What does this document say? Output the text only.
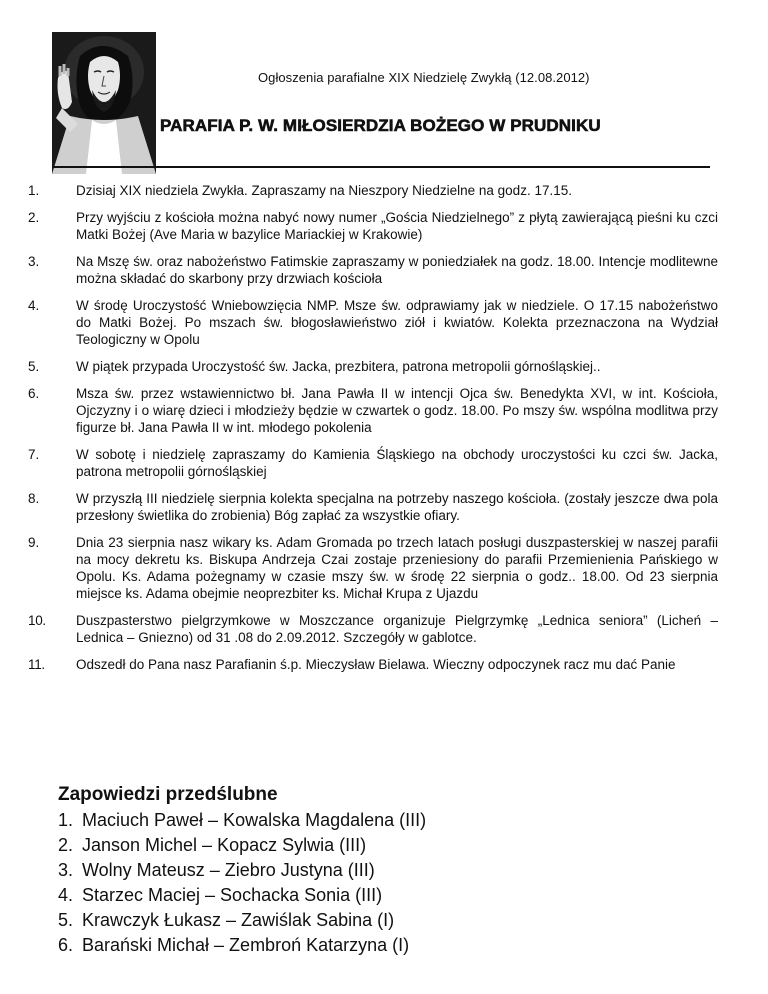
Ogłoszenia parafialne XIX Niedzielę Zwykłą (12.08.2012)
PARAFIA P. W. MIŁOSIERDZIA BOŻEGO W PRUDNIKU
1.	Dzisiaj XIX niedziela Zwykła. Zapraszamy na Nieszpory Niedzielne na godz. 17.15.
2.	Przy wyjściu z kościoła można nabyć nowy numer „Gościa Niedzielnego” z płytą zawierającą pieśni ku czci Matki Bożej (Ave Maria w bazylice Mariackiej w Krakowie)
3.	Na Mszę św. oraz nabożeństwo Fatimskie zapraszamy w poniedziałek na godz. 18.00. Intencje modlitewne można składać do skarbony przy drzwiach kościoła
4.	W środę Uroczystość Wniebowzięcia NMP. Msze św. odprawiamy jak w niedziele. O 17.15 nabożeństwo do Matki Bożej. Po mszach św. błogosławieństwo ziół i kwiatów. Kolekta przeznaczona na Wydział Teologiczny w Opolu
5.	W piątek przypada Uroczystość św. Jacka, prezbitera, patrona metropolii górnośląskiej..
6.	Msza św. przez wstawiennictwo bł. Jana Pawła II w intencji Ojca św. Benedykta XVI, w int. Kościoła, Ojczyzny i o wiarę dzieci i młodzieży będzie w czwartek o godz. 18.00. Po mszy św. wspólna modlitwa przy figurze bł. Jana Pawła II w int. młodego pokolenia
7.	W sobotę i niedzielę zapraszamy do Kamienia Śląskiego na obchody uroczystości ku czci św. Jacka, patrona metropolii górnośląskiej
8.	W przyszłą III niedzielę sierpnia kolekta specjalna na potrzeby naszego kościoła. (zostały jeszcze dwa pola przesłony świetlika do zrobienia) Bóg zapłać za wszystkie ofiary.
9.	Dnia 23 sierpnia nasz wikary ks. Adam Gromada po trzech latach posługi duszpasterskiej w naszej parafii na mocy dekretu ks. Biskupa Andrzeja Czai zostaje przeniesiony do parafii Przemienienia Pańskiego w Opolu. Ks. Adama pożegnamy w czasie mszy św. w środę 22 sierpnia o godz.. 18.00. Od 23 sierpnia miejsce ks. Adama obejmie neoprezbiter ks. Michał Krupa z Ujazdu
10.	Duszpasterstwo pielgrzymkowe w Moszczance organizuje Pielgrzymkę „Lednica seniora” (Licheń – Lednica – Gniezno) od 31 .08 do 2.09.2012. Szczegóły w gablotce.
11.	Odszedł do Pana nasz Parafianin ś.p. Mieczysław Bielawa. Wieczny odpoczynek racz mu dać Panie
Zapowiedzi przedślubne
1. Maciuch Paweł – Kowalska Magdalena (III)
2. Janson Michel – Kopacz Sylwia (III)
3. Wolny Mateusz – Ziebro Justyna (III)
4. Starzec Maciej – Sochacka Sonia (III)
5. Krawczyk Łukasz – Zawiślak Sabina (I)
6. Barański Michał – Zembroń Katarzyna (I)
